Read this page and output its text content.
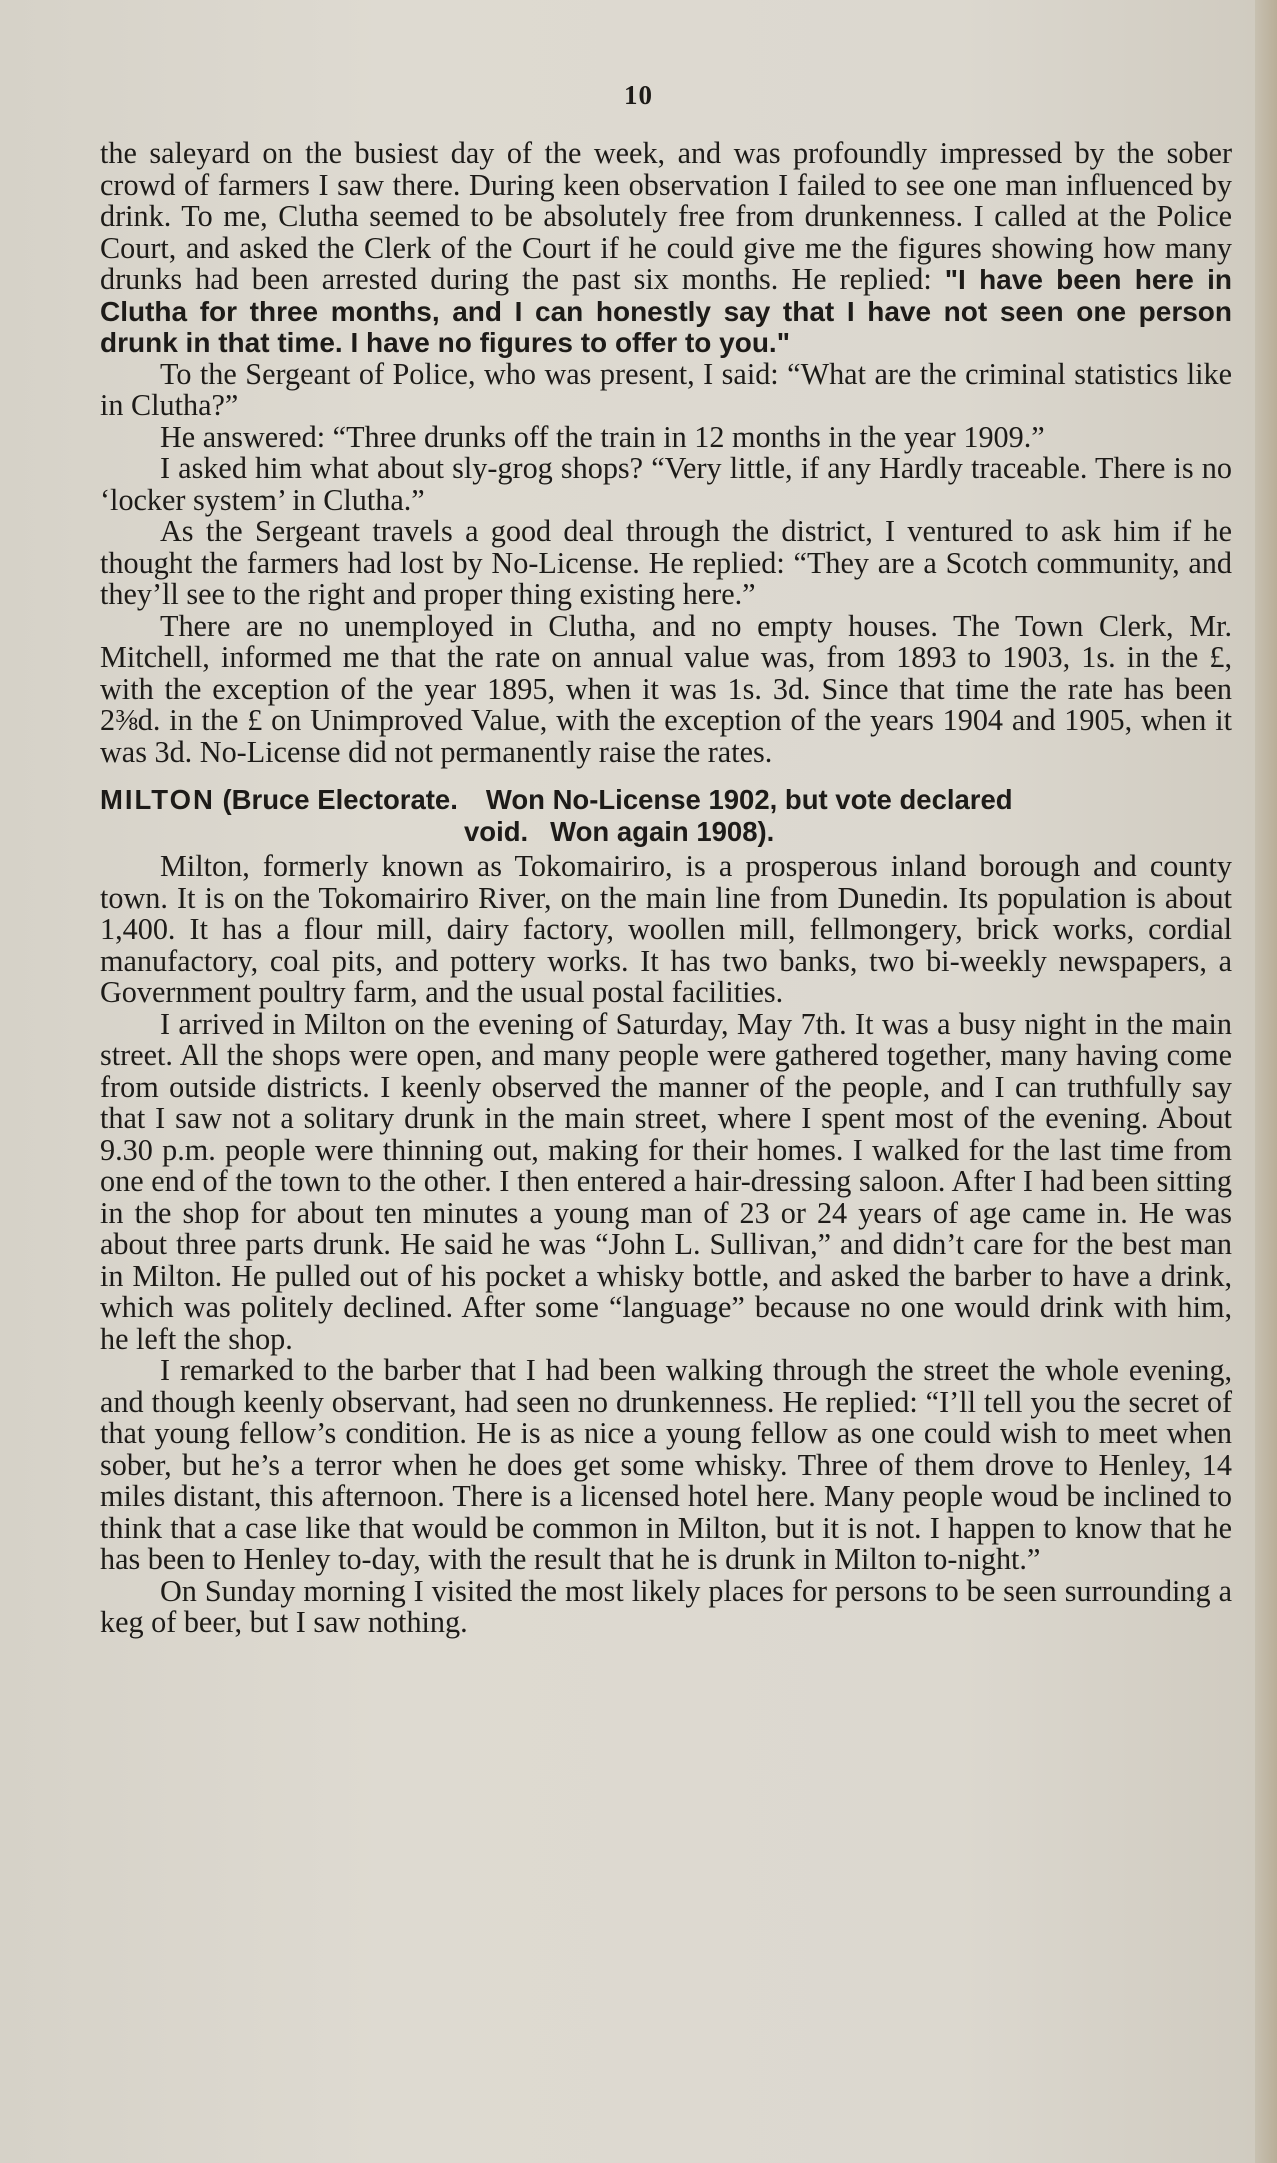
10

the saleyard on the busiest day of the week, and was profoundly impressed by the sober crowd of farmers I saw there. During keen observation I failed to see one man influenced by drink. To me, Clutha seemed to be absolutely free from drunkenness. I called at the Police Court, and asked the Clerk of the Court if he could give me the figures showing how many drunks had been arrested during the past six months. He replied: "I have been here in Clutha for three months, and I can honestly say that I have not seen one person drunk in that time. I have no figures to offer to you."

To the Sergeant of Police, who was present, I said: “What are the criminal statistics like in Clutha?”

He answered: “Three drunks off the train in 12 months in the year 1909.”

I asked him what about sly-grog shops? “Very little, if any Hardly traceable. There is no ‘locker system’ in Clutha.”

As the Sergeant travels a good deal through the district, I ventured to ask him if he thought the farmers had lost by No-License. He replied: “They are a Scotch community, and they’ll see to the right and proper thing existing here.”

There are no unemployed in Clutha, and no empty houses. The Town Clerk, Mr. Mitchell, informed me that the rate on annual value was, from 1893 to 1903, 1s. in the £, with the exception of the year 1895, when it was 1s. 3d. Since that time the rate has been 2⅜d. in the £ on Unimproved Value, with the exception of the years 1904 and 1905, when it was 3d. No-License did not permanently raise the rates.

MILTON (Bruce Electorate. Won No-License 1902, but vote declared
void. Won again 1908).

Milton, formerly known as Tokomairiro, is a prosperous inland borough and county town. It is on the Tokomairiro River, on the main line from Dunedin. Its population is about 1,400. It has a flour mill, dairy factory, woollen mill, fellmongery, brick works, cordial manufactory, coal pits, and pottery works. It has two banks, two bi-weekly newspapers, a Government poultry farm, and the usual postal facilities.

I arrived in Milton on the evening of Saturday, May 7th. It was a busy night in the main street. All the shops were open, and many people were gathered together, many having come from outside districts. I keenly observed the manner of the people, and I can truthfully say that I saw not a solitary drunk in the main street, where I spent most of the evening. About 9.30 p.m. people were thinning out, making for their homes. I walked for the last time from one end of the town to the other. I then entered a hair-dressing saloon. After I had been sitting in the shop for about ten minutes a young man of 23 or 24 years of age came in. He was about three parts drunk. He said he was “John L. Sullivan,” and didn’t care for the best man in Milton. He pulled out of his pocket a whisky bottle, and asked the barber to have a drink, which was politely declined. After some “language” because no one would drink with him, he left the shop.

I remarked to the barber that I had been walking through the street the whole evening, and though keenly observant, had seen no drunkenness. He replied: “I’ll tell you the secret of that young fellow’s condition. He is as nice a young fellow as one could wish to meet when sober, but he’s a terror when he does get some whisky. Three of them drove to Henley, 14 miles distant, this afternoon. There is a licensed hotel here. Many people woud be inclined to think that a case like that would be common in Milton, but it is not. I happen to know that he has been to Henley to-day, with the result that he is drunk in Milton to-night.”

On Sunday morning I visited the most likely places for persons to be seen surrounding a keg of beer, but I saw nothing.
